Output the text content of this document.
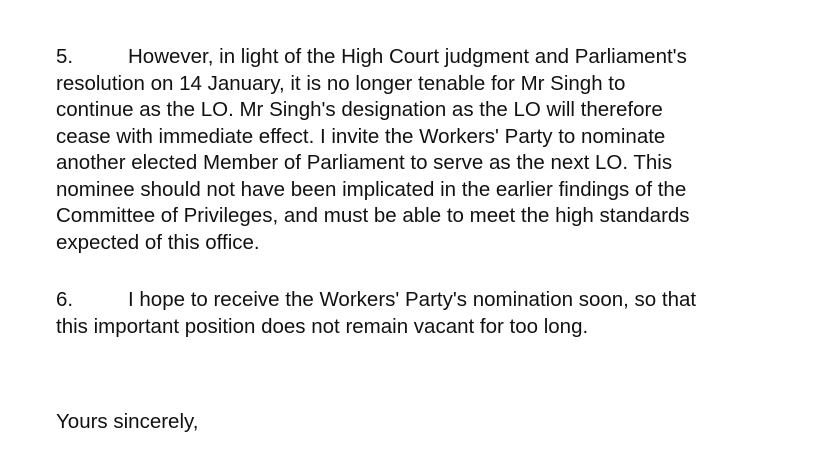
5.	However, in light of the High Court judgment and Parliament's
resolution on 14 January, it is no longer tenable for Mr Singh to
continue as the LO. Mr Singh's designation as the LO will therefore
cease with immediate effect. I invite the Workers' Party to nominate
another elected Member of Parliament to serve as the next LO. This
nominee should not have been implicated in the earlier findings of the
Committee of Privileges, and must be able to meet the high standards
expected of this office.
6.	I hope to receive the Workers' Party's nomination soon, so that
this important position does not remain vacant for too long.
Yours sincerely,
